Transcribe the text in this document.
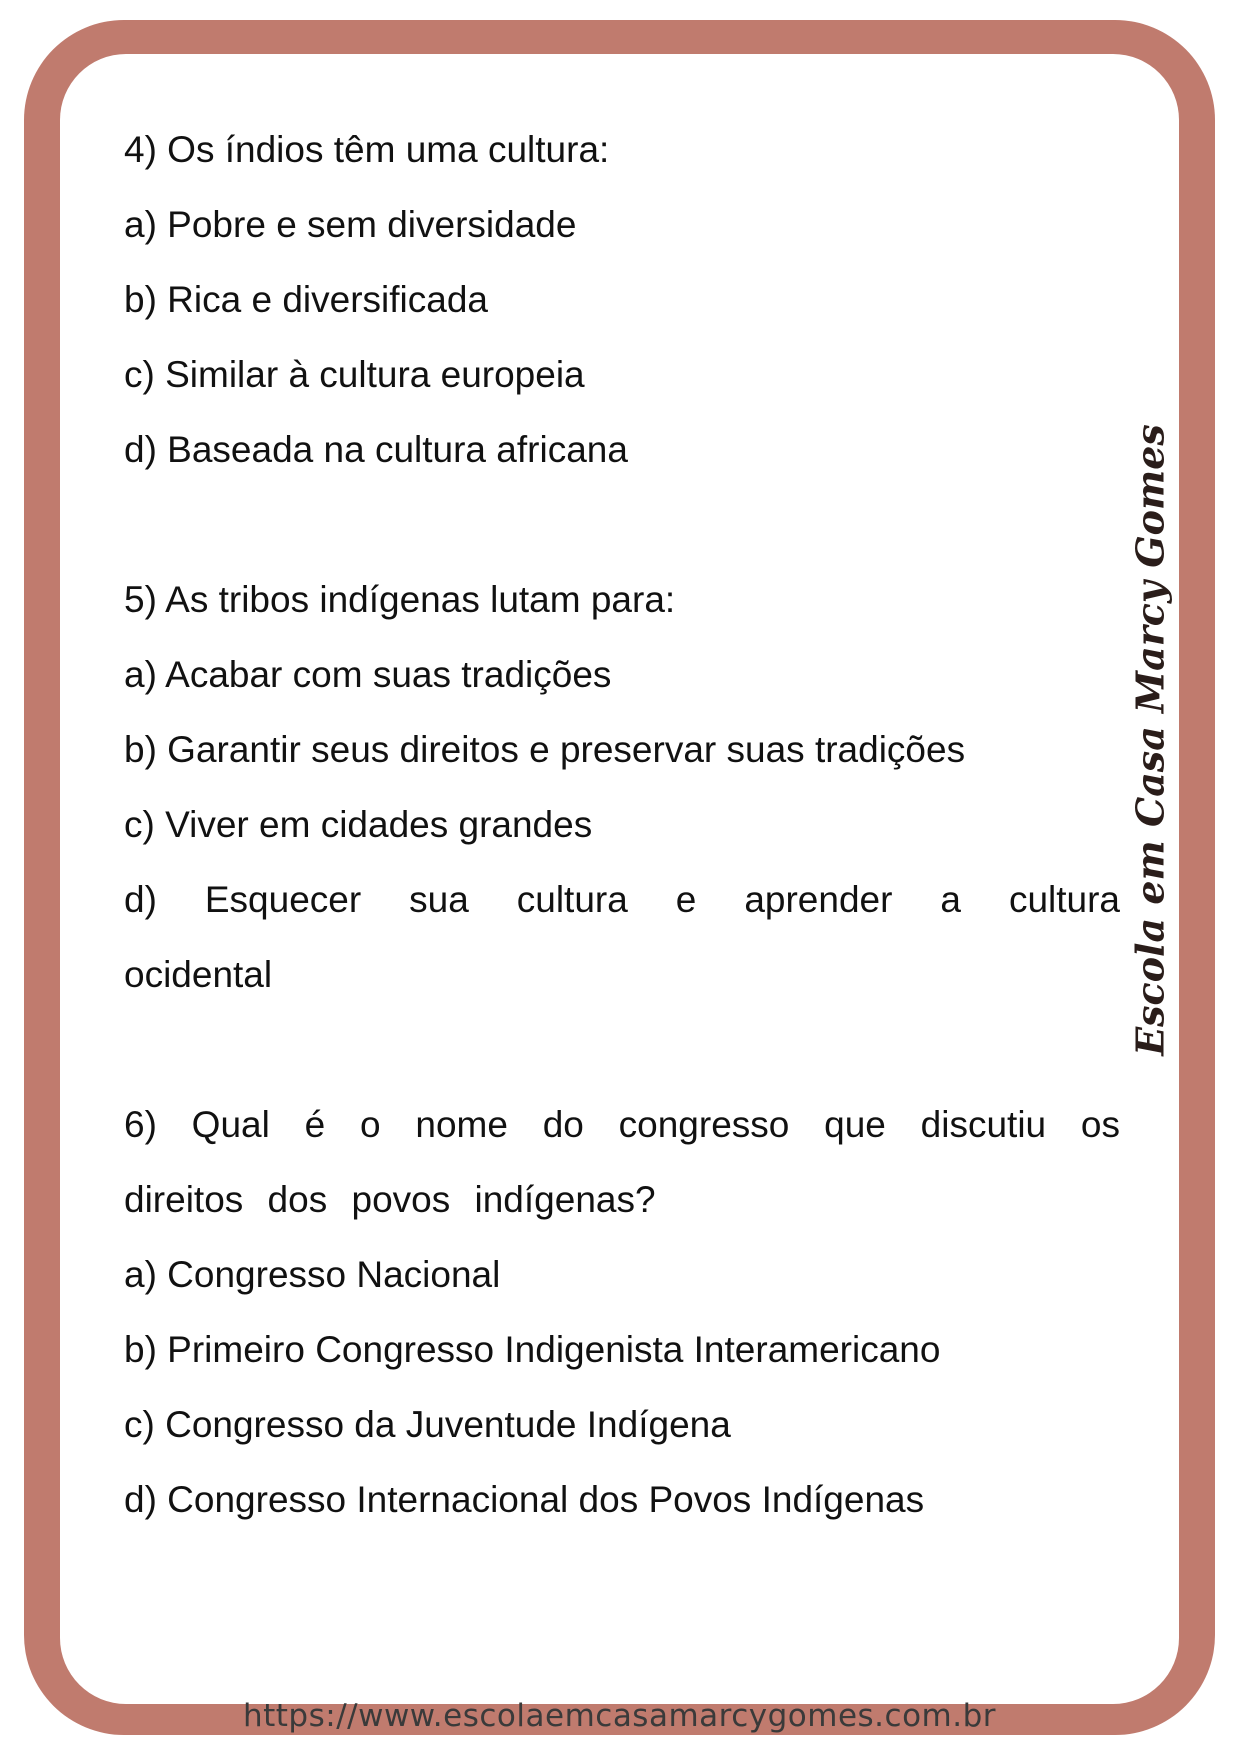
4) Os índios têm uma cultura:
a) Pobre e sem diversidade
b) Rica e diversificada
c) Similar à cultura europeia
d) Baseada na cultura africana
5) As tribos indígenas lutam para:
a) Acabar com suas tradições
b) Garantir seus direitos e preservar suas tradições
c) Viver em cidades grandes
d) Esquecer sua cultura e aprender a cultura ocidental
6) Qual é o nome do congresso que discutiu os direitos dos povos indígenas?
a) Congresso Nacional
b) Primeiro Congresso Indigenista Interamericano
c) Congresso da Juventude Indígena
d) Congresso Internacional dos Povos Indígenas
Escola em Casa Marcy Gomes
https://www.escolaemcasamarcygomes.com.br
